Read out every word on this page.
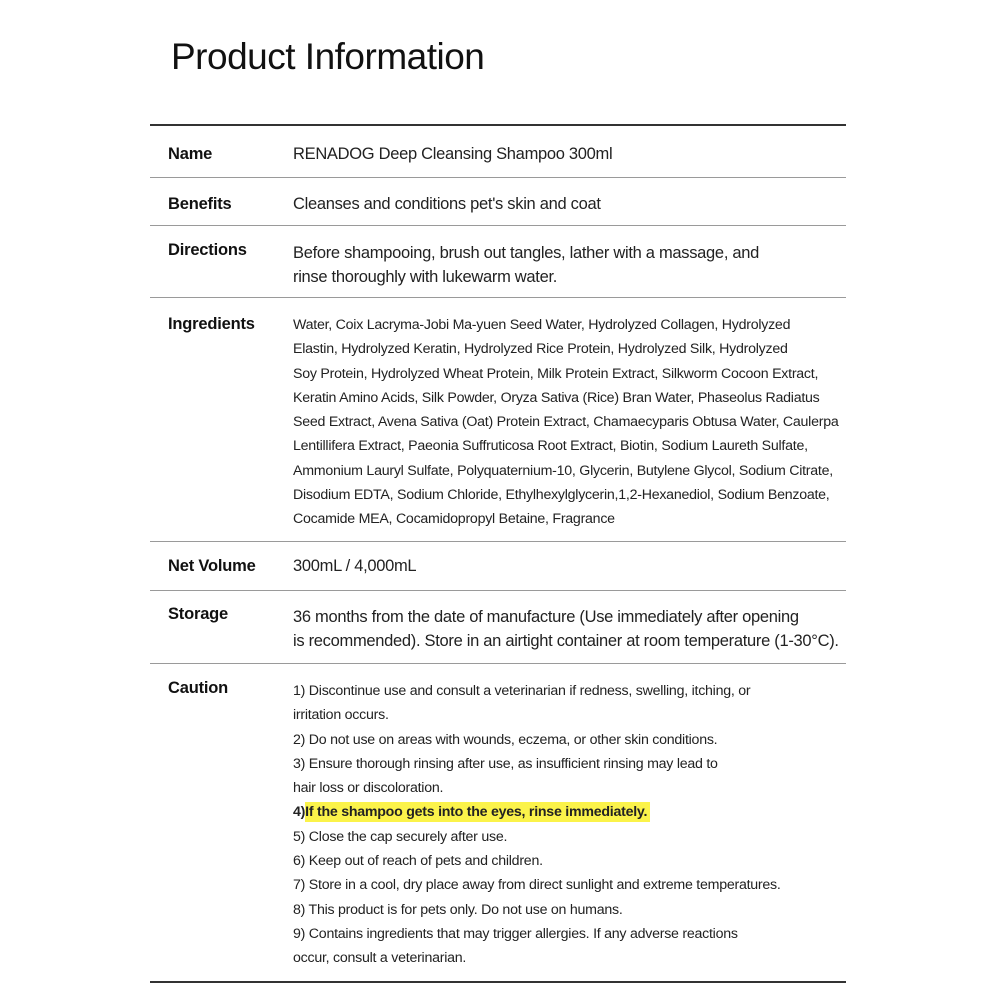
Product Information
Name	RENADOG Deep Cleansing Shampoo 300ml
Benefits	Cleanses and conditions pet's skin and coat
Directions	Before shampooing, brush out tangles, lather with a massage, and
rinse thoroughly with lukewarm water.
Ingredients	Water, Coix Lacryma-Jobi Ma-yuen Seed Water, Hydrolyzed Collagen, Hydrolyzed
Elastin, Hydrolyzed Keratin, Hydrolyzed Rice Protein, Hydrolyzed Silk, Hydrolyzed
Soy Protein, Hydrolyzed Wheat Protein, Milk Protein Extract, Silkworm Cocoon Extract,
Keratin Amino Acids, Silk Powder, Oryza Sativa (Rice) Bran Water, Phaseolus Radiatus
Seed Extract, Avena Sativa (Oat) Protein Extract, Chamaecyparis Obtusa Water, Caulerpa
Lentillifera Extract, Paeonia Suffruticosa Root Extract, Biotin, Sodium Laureth Sulfate,
Ammonium Lauryl Sulfate, Polyquaternium-10, Glycerin, Butylene Glycol, Sodium Citrate,
Disodium EDTA, Sodium Chloride, Ethylhexylglycerin,1,2-Hexanediol, Sodium Benzoate,
Cocamide MEA, Cocamidopropyl Betaine, Fragrance
Net Volume	300mL / 4,000mL
Storage	36 months from the date of manufacture (Use immediately after opening
is recommended). Store in an airtight container at room temperature (1-30°C).
Caution	1) Discontinue use and consult a veterinarian if redness, swelling, itching, or
irritation occurs.
2) Do not use on areas with wounds, eczema, or other skin conditions.
3) Ensure thorough rinsing after use, as insufficient rinsing may lead to
hair loss or discoloration.
4)If the shampoo gets into the eyes, rinse immediately.
5) Close the cap securely after use.
6) Keep out of reach of pets and children.
7) Store in a cool, dry place away from direct sunlight and extreme temperatures.
8) This product is for pets only. Do not use on humans.
9) Contains ingredients that may trigger allergies. If any adverse reactions
occur, consult a veterinarian.
